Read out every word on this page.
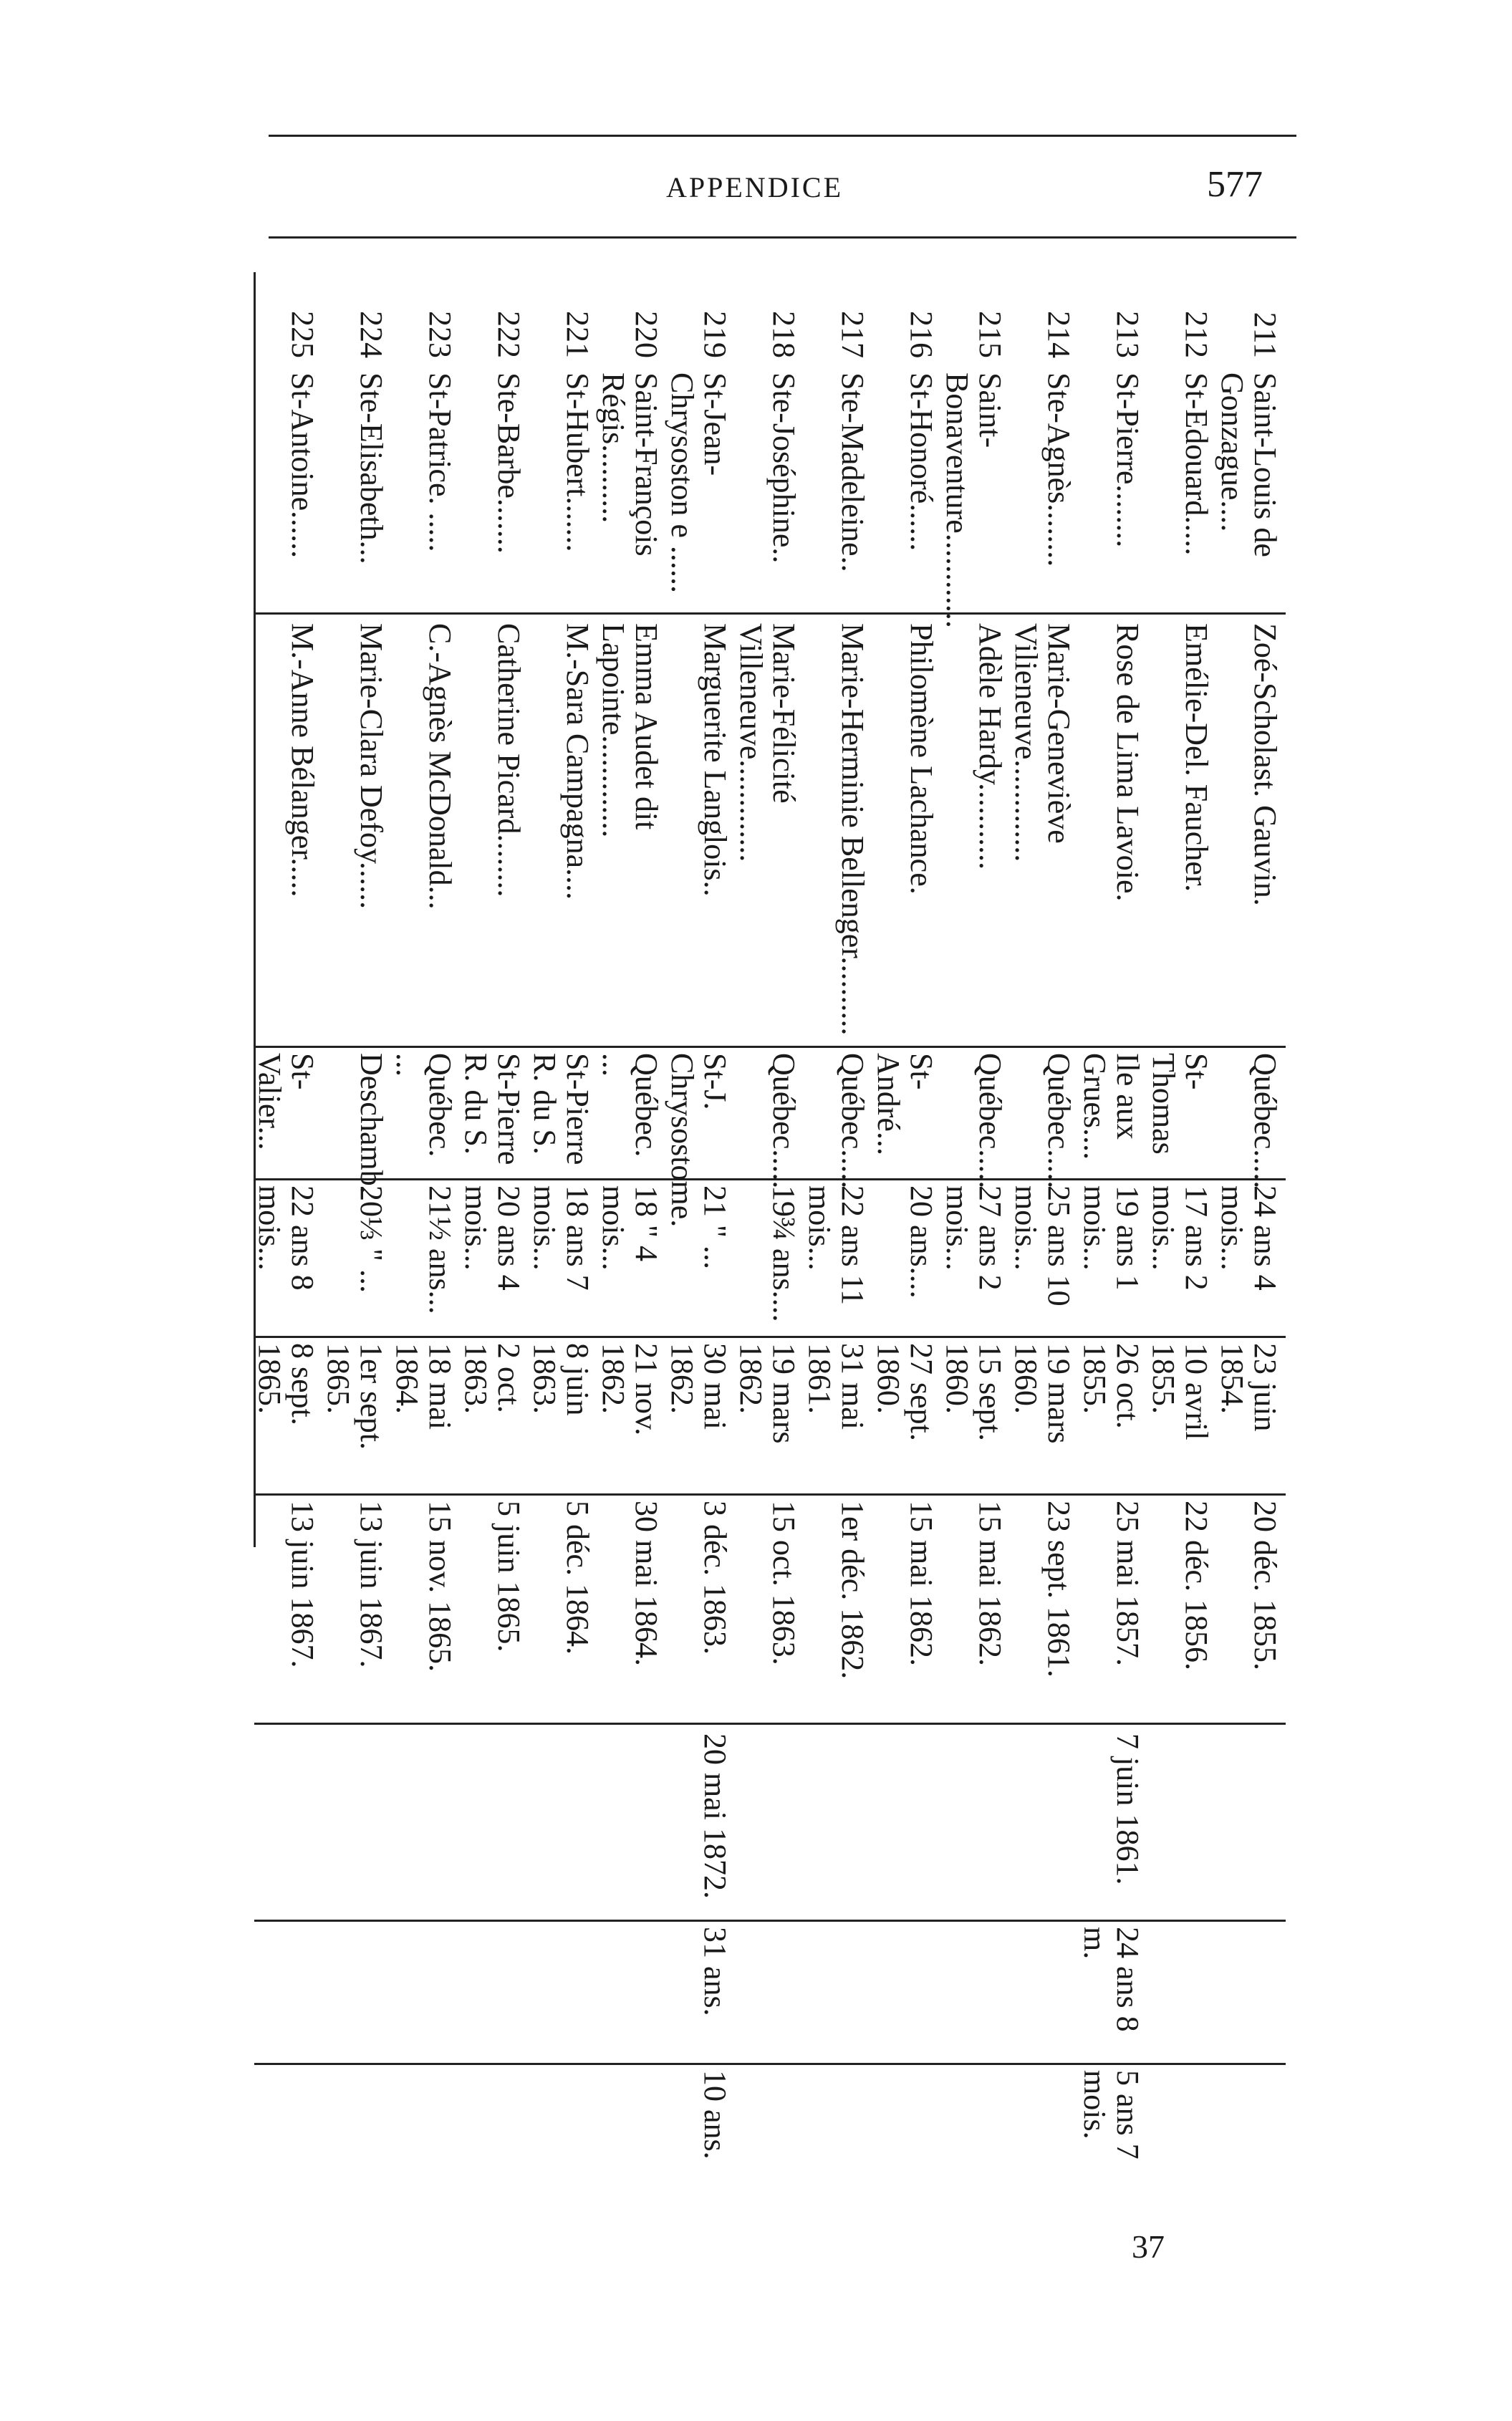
APPENDICE	577
211
Saint-Louis de Gonzague....
Zoé-Scholast. Gauvin.
Québec.....
24 ans 4 mois...
23 juin 1854.
20 déc. 1855.
212
St-Edouard.....
Emélie-Del. Faucher.
St-Thomas
17 ans 2 mois...
10 avril 1855.
22 déc. 1856.
213
St-Pierre........
Rose de Lima Lavoie.
Ile aux Grues....
19 ans 1 mois...
26 oct. 1855.
25 mai 1857.
7 juin 1861.
24 ans 8 m.
5 ans 7 mois.
214
Ste-Agnès........
Marie-Geneviève Vilieneuve.............
Québec.....
25 ans 10 mois...
19 mars 1860.
23 sept. 1861.
215
Saint-Bonaventure............
Adèle Hardy...........
Québec.....
27 ans 2 mois...
15 sept. 1860.
15 mai 1862.
216
St-Honoré......
Philomène Lachance.
St-André...
20 ans....
27 sept. 1860.
15 mai 1862.
217
Ste-Madeleine..
Marie-Herminie Bellenger..........
Québec.....
22 ans 11 mois...
31 mai 1861.
1er déc. 1862.
218
Ste-Joséphine..
Marie-Félicité Villeneuve.............
Québec.....
19¾ ans....
19 mars 1862.
15 oct. 1863.
219
St-Jean-Chrysoston e ......
Marguerite Langlois..
St-J. Chrysostome.
21 " ...
30 mai 1862.
3 déc. 1863.
20 mai 1872.
31 ans.
10 ans.
220
Saint-François Régis..........
Emma Audet dit Lapointe.............
Québec. ...
18 " 4 mois...
21 nov. 1862.
30 mai 1864.
221
St-Hubert.......
M.-Sara Campagna....
St-Pierre R. du S.
18 ans 7 mois...
8 juin 1863.
5 déc. 1864.
222
Ste-Barbe.......
Catherine Picard........
St-Pierre R. du S.
20 ans 4 mois...
2 oct. 1863.
5 juin 1865.
223
St-Patrice. .....
C.-Agnès McDonald...
Québec. ...
21½ ans...
18 mai 1864.
15 nov. 1865.
224
Ste-Elisabeth...
Marie-Clara Defoy......
Deschamb.
20⅓ " ...
1er sept. 1865.
13 juin 1867.
225
St-Antoine......
M.-Anne Bélanger.....
St-Valier...
22 ans 8 mois...
8 sept. 1865.
13 juin 1867.
37
